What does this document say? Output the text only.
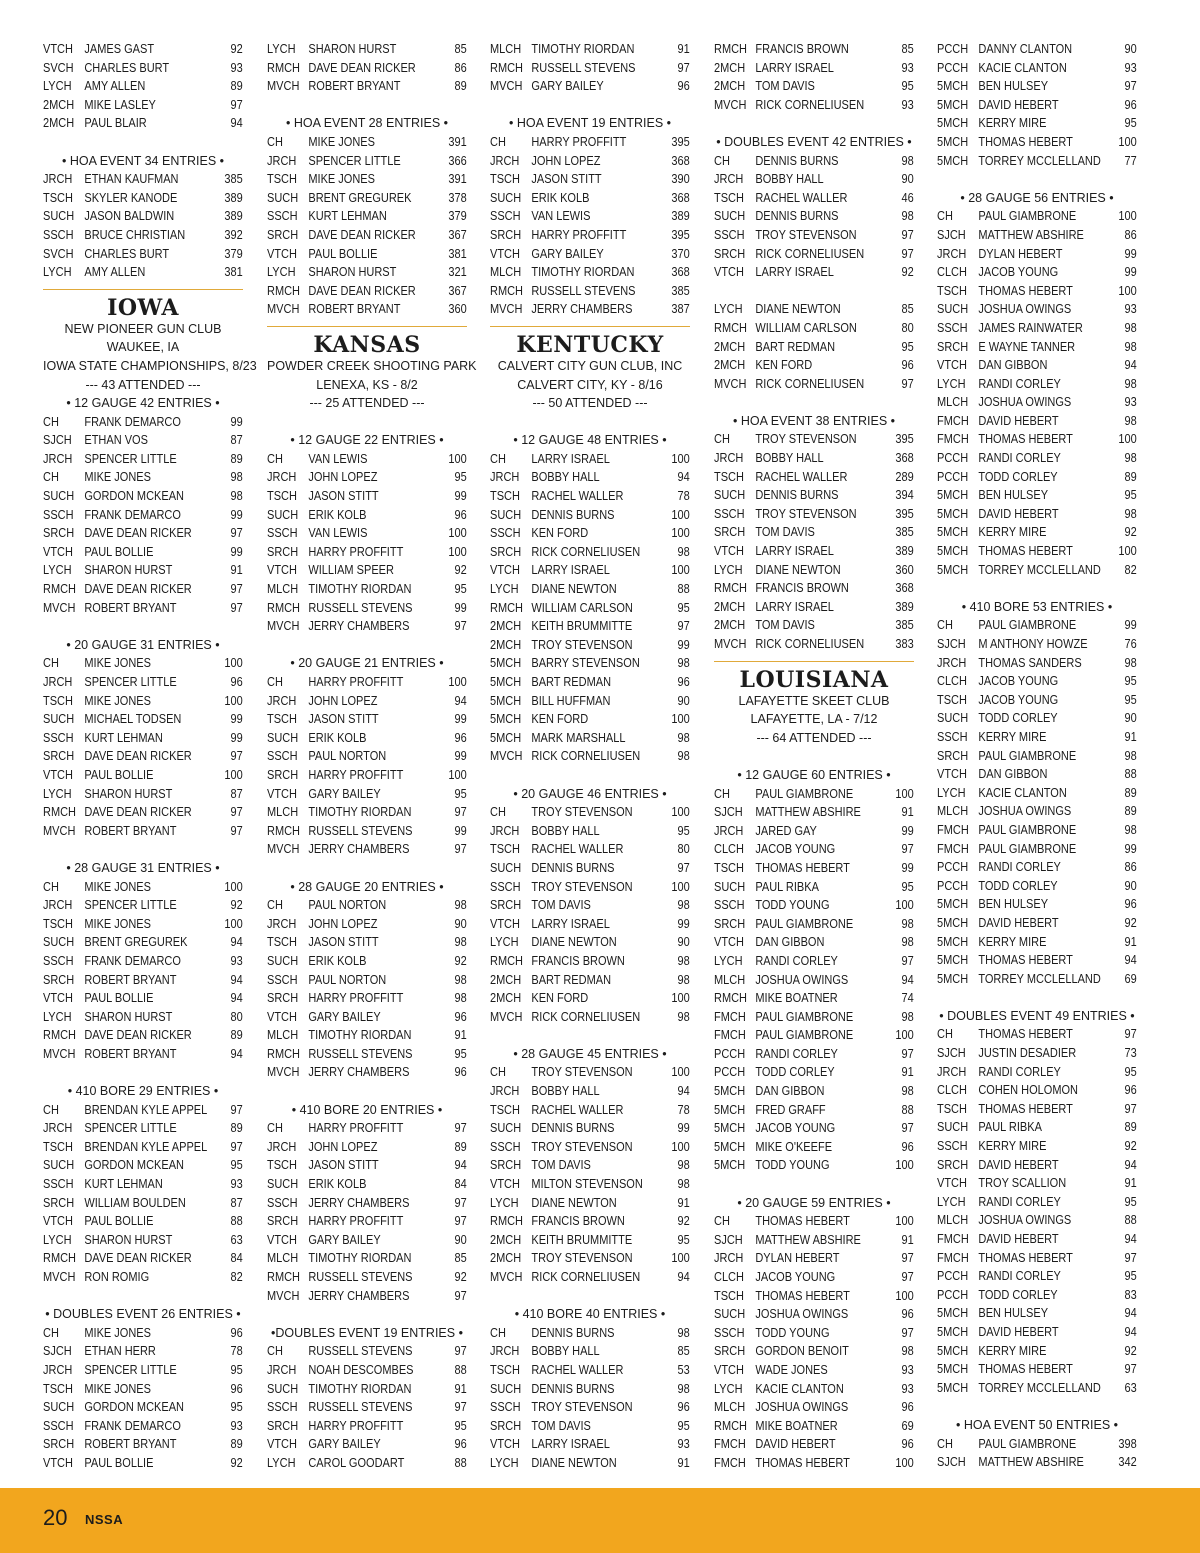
VTCH JAMES GAST	92
SVCH CHARLES BURT	93
LYCH AMY ALLEN	89
2MCH MIKE LASLEY	97
2MCH PAUL BLAIR	94
• HOA EVENT 34 ENTRIES •
JRCH ETHAN KAUFMAN	385
TSCH SKYLER KANODE	389
SUCH JASON BALDWIN	389
SSCH BRUCE CHRISTIAN	392
SVCH CHARLES BURT	379
LYCH AMY ALLEN	381
IOWA
NEW PIONEER GUN CLUB
WAUKEE, IA
IOWA STATE CHAMPIONSHIPS, 8/23
--- 43 ATTENDED ---
• 12 GAUGE 42 ENTRIES •
CH FRANK DEMARCO	99
SJCH ETHAN VOS	87
JRCH SPENCER LITTLE	89
CH MIKE JONES	98
SUCH GORDON MCKEAN	98
SSCH FRANK DEMARCO	99
SRCH DAVE DEAN RICKER	97
VTCH PAUL BOLLIE	99
LYCH SHARON HURST	91
RMCH DAVE DEAN RICKER	97
MVCH ROBERT BRYANT	97
• 20 GAUGE 31 ENTRIES •
CH MIKE JONES	100
JRCH SPENCER LITTLE	96
TSCH MIKE JONES	100
SUCH MICHAEL TODSEN	99
SSCH KURT LEHMAN	99
SRCH DAVE DEAN RICKER	97
VTCH PAUL BOLLIE	100
LYCH SHARON HURST	87
RMCH DAVE DEAN RICKER	97
MVCH ROBERT BRYANT	97
• 28 GAUGE 31 ENTRIES •
CH MIKE JONES	100
JRCH SPENCER LITTLE	92
TSCH MIKE JONES	100
SUCH BRENT GREGUREK	94
SSCH FRANK DEMARCO	93
SRCH ROBERT BRYANT	94
VTCH PAUL BOLLIE	94
LYCH SHARON HURST	80
RMCH DAVE DEAN RICKER	89
MVCH ROBERT BRYANT	94
• 410 BORE 29 ENTRIES •
CH BRENDAN KYLE APPEL 97
JRCH SPENCER LITTLE	89
TSCH BRENDAN KYLE APPEL 97
SUCH GORDON MCKEAN	95
SSCH KURT LEHMAN	93
SRCH WILLIAM BOULDEN	87
VTCH PAUL BOLLIE	88
LYCH SHARON HURST	63
RMCH DAVE DEAN RICKER	84
MVCH RON ROMIG	82
• DOUBLES EVENT 26 ENTRIES •
CH MIKE JONES	96
SJCH ETHAN HERR	78
JRCH SPENCER LITTLE	95
TSCH MIKE JONES	96
SUCH GORDON MCKEAN	95
SSCH FRANK DEMARCO	93
SRCH ROBERT BRYANT	89
VTCH PAUL BOLLIE	92
LYCH SHARON HURST	85
RMCH DAVE DEAN RICKER	86
MVCH ROBERT BRYANT	89
• HOA EVENT 28 ENTRIES •
CH MIKE JONES	391
JRCH SPENCER LITTLE	366
TSCH MIKE JONES	391
SUCH BRENT GREGUREK	378
SSCH KURT LEHMAN	379
SRCH DAVE DEAN RICKER	367
VTCH PAUL BOLLIE	381
LYCH SHARON HURST	321
RMCH DAVE DEAN RICKER	367
MVCH ROBERT BRYANT	360
KANSAS
POWDER CREEK SHOOTING PARK
LENEXA, KS - 8/2
--- 25 ATTENDED ---
• 12 GAUGE 22 ENTRIES •
CH VAN LEWIS	100
JRCH JOHN LOPEZ	95
TSCH JASON STITT	99
SUCH ERIK KOLB	96
SSCH VAN LEWIS	100
SRCH HARRY PROFFITT	100
VTCH WILLIAM SPEER	92
MLCH TIMOTHY RIORDAN	95
RMCH RUSSELL STEVENS	99
MVCH JERRY CHAMBERS	97
• 20 GAUGE 21 ENTRIES •
CH HARRY PROFFITT	100
JRCH JOHN LOPEZ	94
TSCH JASON STITT	99
SUCH ERIK KOLB	96
SSCH PAUL NORTON	99
SRCH HARRY PROFFITT	100
VTCH GARY BAILEY	95
MLCH TIMOTHY RIORDAN	97
RMCH RUSSELL STEVENS	99
MVCH JERRY CHAMBERS	97
• 28 GAUGE 20 ENTRIES •
CH PAUL NORTON	98
JRCH JOHN LOPEZ	90
TSCH JASON STITT	98
SUCH ERIK KOLB	92
SSCH PAUL NORTON	98
SRCH HARRY PROFFITT	98
VTCH GARY BAILEY	96
MLCH TIMOTHY RIORDAN	91
RMCH RUSSELL STEVENS	95
MVCH JERRY CHAMBERS	96
• 410 BORE 20 ENTRIES •
CH HARRY PROFFITT	97
JRCH JOHN LOPEZ	89
TSCH JASON STITT	94
SUCH ERIK KOLB	84
SSCH JERRY CHAMBERS	97
SRCH HARRY PROFFITT	97
VTCH GARY BAILEY	90
MLCH TIMOTHY RIORDAN	85
RMCH RUSSELL STEVENS	92
MVCH JERRY CHAMBERS	97
•DOUBLES EVENT 19 ENTRIES •
CH RUSSELL STEVENS	97
JRCH NOAH DESCOMBES	88
SUCH TIMOTHY RIORDAN	91
SSCH RUSSELL STEVENS	97
SRCH HARRY PROFFITT	95
VTCH GARY BAILEY	96
LYCH CAROL GOODART	88
MLCH TIMOTHY RIORDAN	91
RMCH RUSSELL STEVENS	97
MVCH GARY BAILEY	96
• HOA EVENT 19 ENTRIES •
CH HARRY PROFFITT	395
JRCH JOHN LOPEZ	368
TSCH JASON STITT	390
SUCH ERIK KOLB	368
SSCH VAN LEWIS	389
SRCH HARRY PROFFITT	395
VTCH GARY BAILEY	370
MLCH TIMOTHY RIORDAN	368
RMCH RUSSELL STEVENS	385
MVCH JERRY CHAMBERS	387
KENTUCKY
CALVERT CITY GUN CLUB, INC
CALVERT CITY, KY - 8/16
--- 50 ATTENDED ---
• 12 GAUGE 48 ENTRIES •
CH LARRY ISRAEL	100
JRCH BOBBY HALL	94
TSCH RACHEL WALLER	78
SUCH DENNIS BURNS	100
SSCH KEN FORD	100
SRCH RICK CORNELIUSEN	98
VTCH LARRY ISRAEL	100
LYCH DIANE NEWTON	88
RMCH WILLIAM CARLSON	95
2MCH KEITH BRUMMITTE	97
2MCH TROY STEVENSON	99
5MCH BARRY STEVENSON	98
5MCH BART REDMAN	96
5MCH BILL HUFFMAN	90
5MCH KEN FORD	100
5MCH MARK MARSHALL	98
MVCH RICK CORNELIUSEN	98
• 20 GAUGE 46 ENTRIES •
CH TROY STEVENSON	100
JRCH BOBBY HALL	95
TSCH RACHEL WALLER	80
SUCH DENNIS BURNS	97
SSCH TROY STEVENSON	100
SRCH TOM DAVIS	98
VTCH LARRY ISRAEL	99
LYCH DIANE NEWTON	90
RMCH FRANCIS BROWN	98
2MCH BART REDMAN	98
2MCH KEN FORD	100
MVCH RICK CORNELIUSEN	98
• 28 GAUGE 45 ENTRIES •
CH TROY STEVENSON	100
JRCH BOBBY HALL	94
TSCH RACHEL WALLER	78
SUCH DENNIS BURNS	99
SSCH TROY STEVENSON	100
SRCH TOM DAVIS	98
VTCH MILTON STEVENSON	98
LYCH DIANE NEWTON	91
RMCH FRANCIS BROWN	92
2MCH KEITH BRUMMITTE	95
2MCH TROY STEVENSON	100
MVCH RICK CORNELIUSEN	94
• 410 BORE 40 ENTRIES •
CH DENNIS BURNS	98
JRCH BOBBY HALL	85
TSCH RACHEL WALLER	53
SUCH DENNIS BURNS	98
SSCH TROY STEVENSON	96
SRCH TOM DAVIS	95
VTCH LARRY ISRAEL	93
LYCH DIANE NEWTON	91
RMCH FRANCIS BROWN	85
2MCH LARRY ISRAEL	93
2MCH TOM DAVIS	95
MVCH RICK CORNELIUSEN	93
• DOUBLES EVENT 42 ENTRIES •
CH DENNIS BURNS	98
JRCH BOBBY HALL	90
TSCH RACHEL WALLER	46
SUCH DENNIS BURNS	98
SSCH TROY STEVENSON	97
SRCH RICK CORNELIUSEN	97
VTCH LARRY ISRAEL	92
LYCH DIANE NEWTON	85
RMCH WILLIAM CARLSON	80
2MCH BART REDMAN	95
2MCH KEN FORD	96
MVCH RICK CORNELIUSEN	97
• HOA EVENT 38 ENTRIES •
CH TROY STEVENSON	395
JRCH BOBBY HALL	368
TSCH RACHEL WALLER	289
SUCH DENNIS BURNS	394
SSCH TROY STEVENSON	395
SRCH TOM DAVIS	385
VTCH LARRY ISRAEL	389
LYCH DIANE NEWTON	360
RMCH FRANCIS BROWN	368
2MCH LARRY ISRAEL	389
2MCH TOM DAVIS	385
MVCH RICK CORNELIUSEN 383
LOUISIANA
LAFAYETTE SKEET CLUB
LAFAYETTE, LA - 7/12
--- 64 ATTENDED ---
• 12 GAUGE 60 ENTRIES •
CH PAUL GIAMBRONE	100
SJCH MATTHEW ABSHIRE	91
JRCH JARED GAY	99
CLCH JACOB YOUNG	97
TSCH THOMAS HEBERT	99
SUCH PAUL RIBKA	95
SSCH TODD YOUNG	100
SRCH PAUL GIAMBRONE	98
VTCH DAN GIBBON	98
LYCH RANDI CORLEY	97
MLCH JOSHUA OWINGS	94
RMCH MIKE BOATNER	74
FMCH PAUL GIAMBRONE	98
FMCH PAUL GIAMBRONE	100
PCCH RANDI CORLEY	97
PCCH TODD CORLEY	91
5MCH DAN GIBBON	98
5MCH FRED GRAFF	88
5MCH JACOB YOUNG	97
5MCH MIKE O'KEEFE	96
5MCH TODD YOUNG	100
• 20 GAUGE 59 ENTRIES •
CH THOMAS HEBERT	100
SJCH MATTHEW ABSHIRE	91
JRCH DYLAN HEBERT	97
CLCH JACOB YOUNG	97
TSCH THOMAS HEBERT	100
SUCH JOSHUA OWINGS	96
SSCH TODD YOUNG	97
SRCH GORDON BENOIT	98
VTCH WADE JONES	93
LYCH KACIE CLANTON	93
MLCH JOSHUA OWINGS	96
RMCH MIKE BOATNER	69
FMCH DAVID HEBERT	96
FMCH THOMAS HEBERT	100
PCCH DANNY CLANTON	90
PCCH KACIE CLANTON	93
5MCH BEN HULSEY	97
5MCH DAVID HEBERT	96
5MCH KERRY MIRE	95
5MCH THOMAS HEBERT	100
5MCH TORREY MCCLELLAND 77
• 28 GAUGE 56 ENTRIES •
CH PAUL GIAMBRONE	100
SJCH MATTHEW ABSHIRE	86
JRCH DYLAN HEBERT	99
CLCH JACOB YOUNG	99
TSCH THOMAS HEBERT	100
SUCH JOSHUA OWINGS	93
SSCH JAMES RAINWATER	98
SRCH E WAYNE TANNER	98
VTCH DAN GIBBON	94
LYCH RANDI CORLEY	98
MLCH JOSHUA OWINGS	93
FMCH DAVID HEBERT	98
FMCH THOMAS HEBERT	100
PCCH RANDI CORLEY	98
PCCH TODD CORLEY	89
5MCH BEN HULSEY	95
5MCH DAVID HEBERT	98
5MCH KERRY MIRE	92
5MCH THOMAS HEBERT	100
5MCH TORREY MCCLELLAND 82
• 410 BORE 53 ENTRIES •
CH PAUL GIAMBRONE	99
SJCH M ANTHONY HOWZE	76
JRCH THOMAS SANDERS	98
CLCH JACOB YOUNG	95
TSCH JACOB YOUNG	95
SUCH TODD CORLEY	90
SSCH KERRY MIRE	91
SRCH PAUL GIAMBRONE	98
VTCH DAN GIBBON	88
LYCH KACIE CLANTON	89
MLCH JOSHUA OWINGS	89
FMCH PAUL GIAMBRONE	98
FMCH PAUL GIAMBRONE	99
PCCH RANDI CORLEY	86
PCCH TODD CORLEY	90
5MCH BEN HULSEY	96
5MCH DAVID HEBERT	92
5MCH KERRY MIRE	91
5MCH THOMAS HEBERT	94
5MCH TORREY MCCLELLAND 69
• DOUBLES EVENT 49 ENTRIES •
CH THOMAS HEBERT	97
SJCH JUSTIN DESADIER	73
JRCH RANDI CORLEY	95
CLCH COHEN HOLOMON	96
TSCH THOMAS HEBERT	97
SUCH PAUL RIBKA	89
SSCH KERRY MIRE	92
SRCH DAVID HEBERT	94
VTCH TROY SCALLION	91
LYCH RANDI CORLEY	95
MLCH JOSHUA OWINGS	88
FMCH DAVID HEBERT	94
FMCH THOMAS HEBERT	97
PCCH RANDI CORLEY	95
PCCH TODD CORLEY	83
5MCH BEN HULSEY	94
5MCH DAVID HEBERT	94
5MCH KERRY MIRE	92
5MCH THOMAS HEBERT	97
5MCH TORREY MCCLELLAND 63
• HOA EVENT 50 ENTRIES •
CH PAUL GIAMBRONE	398
SJCH MATTHEW ABSHIRE	342
20 NSSA
